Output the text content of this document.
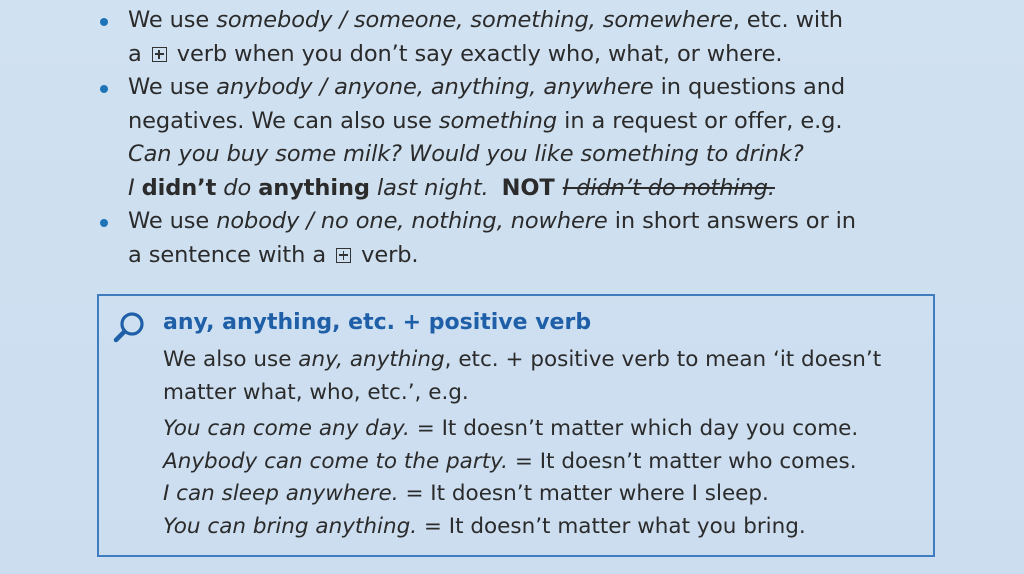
We use somebody / someone, something, somewhere, etc. with
a  verb when you don’t say exactly who, what, or where.
We use anybody / anyone, anything, anywhere in questions and
negatives. We can also use something in a request or offer, e.g.
Can you buy some milk? Would you like something to drink?
I didn’t do anything last night. NOT I didn’t do nothing.
We use nobody / no one, nothing, nowhere in short answers or in
a sentence with a  verb.
any, anything, etc. + positive verb
We also use any, anything, etc. + positive verb to mean ‘it doesn’t
matter what, who, etc.’, e.g.
You can come any day. = It doesn’t matter which day you come.
Anybody can come to the party. = It doesn’t matter who comes.
I can sleep anywhere. = It doesn’t matter where I sleep.
You can bring anything. = It doesn’t matter what you bring.
